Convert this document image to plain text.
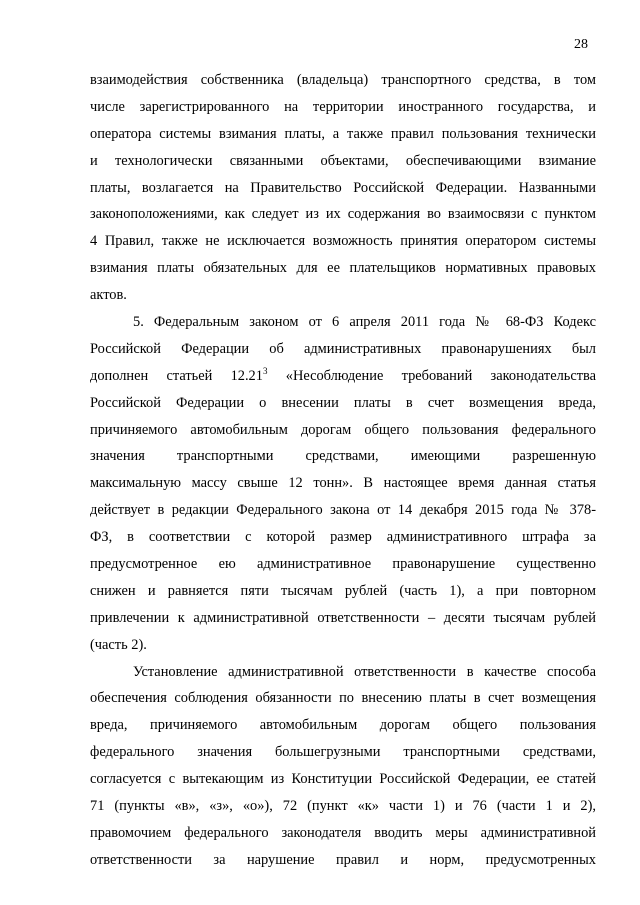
28
взаимодействия собственника (владельца) транспортного средства, в том
числе зарегистрированного на территории иностранного государства, и
оператора системы взимания платы, а также правил пользования технически
и технологически связанными объектами, обеспечивающими взимание
платы, возлагается на Правительство Российской Федерации. Названными
законоположениями, как следует из их содержания во взаимосвязи с пунктом
4 Правил, также не исключается возможность принятия оператором системы
взимания платы обязательных для ее плательщиков нормативных правовых
актов.
5. Федеральным законом от 6 апреля 2011 года № 68-ФЗ Кодекс
Российской Федерации об административных правонарушениях был
дополнен статьей 12.21$^3$ «Несоблюдение требований законодательства
Российской Федерации о внесении платы в счет возмещения вреда,
причиняемого автомобильным дорогам общего пользования федерального
значения транспортными средствами, имеющими разрешенную
максимальную массу свыше 12 тонн». В настоящее время данная статья
действует в редакции Федерального закона от 14 декабря 2015 года № 378-
ФЗ, в соответствии с которой размер административного штрафа за
предусмотренное ею административное правонарушение существенно
снижен и равняется пяти тысячам рублей (часть 1), а при повторном
привлечении к административной ответственности – десяти тысячам рублей
(часть 2).
Установление административной ответственности в качестве способа
обеспечения соблюдения обязанности по внесению платы в счет возмещения
вреда, причиняемого автомобильным дорогам общего пользования
федерального значения большегрузными транспортными средствами,
согласуется с вытекающим из Конституции Российской Федерации, ее статей
71 (пункты «в», «з», «о»), 72 (пункт «к» части 1) и 76 (части 1 и 2),
правомочием федерального законодателя вводить меры административной
ответственности за нарушение правил и норм, предусмотренных
